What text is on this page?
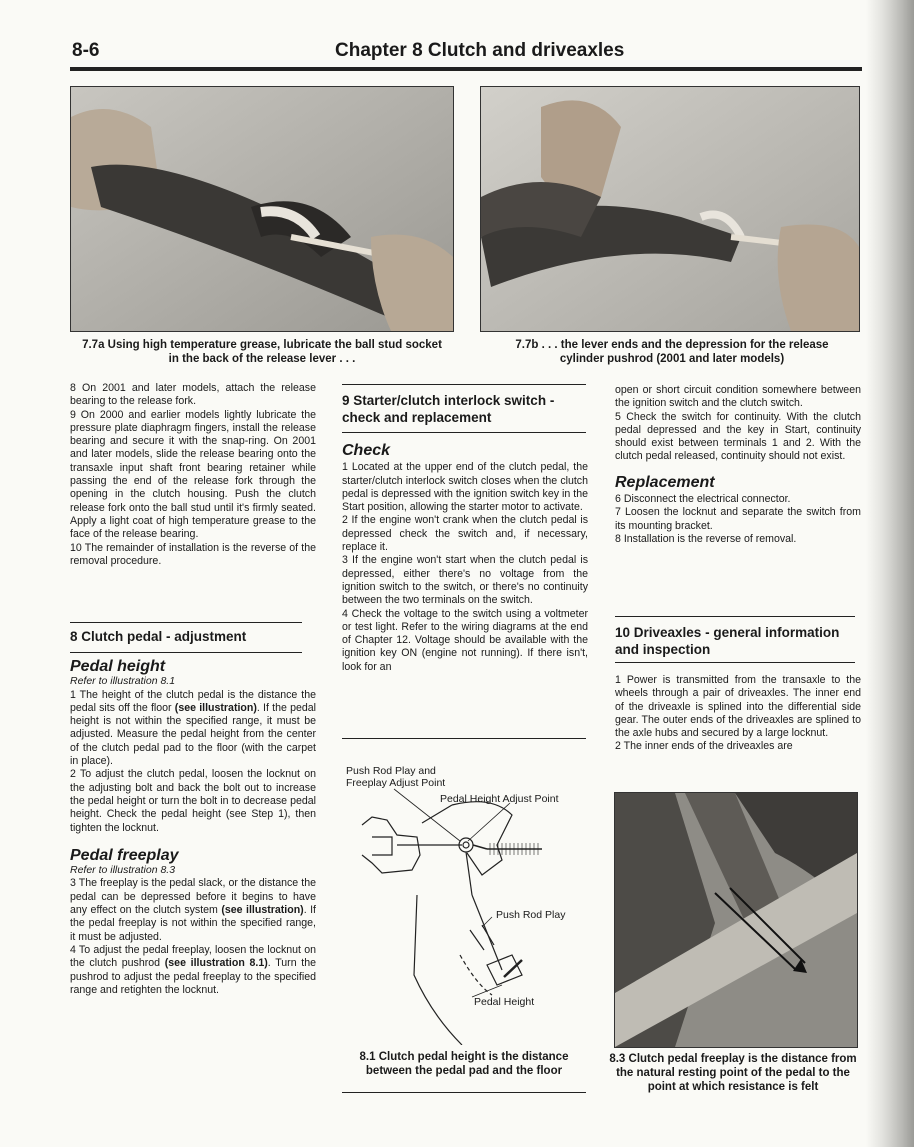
8-6	Chapter 8 Clutch and driveaxles
7.7a Using high temperature grease, lubricate the ball stud socket in the back of the release lever . . .
7.7b . . . the lever ends and the depression for the release cylinder pushrod (2001 and later models)

8 On 2001 and later models, attach the release bearing to the release fork.

9 On 2000 and earlier models lightly lubricate the pressure plate diaphragm fingers, install the release bearing and secure it with the snap-ring. On 2001 and later models, slide the release bearing onto the transaxle input shaft front bearing retainer while passing the end of the release fork through the opening in the clutch housing. Push the clutch release fork onto the ball stud until it's firmly seated. Apply a light coat of high temperature grease to the face of the release bearing.

10 The remainder of installation is the reverse of the removal procedure.

8 Clutch pedal - adjustment
Pedal height
Refer to illustration 8.1

1 The height of the clutch pedal is the distance the pedal sits off the floor (see illustration). If the pedal height is not within the specified range, it must be adjusted. Measure the pedal height from the center of the clutch pedal pad to the floor (with the carpet in place).

2 To adjust the clutch pedal, loosen the locknut on the adjusting bolt and back the bolt out to increase the pedal height or turn the bolt in to decrease pedal height. Check the pedal height (see Step 1), then tighten the locknut.

Pedal freeplay
Refer to illustration 8.3

3 The freeplay is the pedal slack, or the distance the pedal can be depressed before it begins to have any effect on the clutch system (see illustration). If the pedal freeplay is not within the specified range, it must be adjusted.

4 To adjust the pedal freeplay, loosen the locknut on the clutch pushrod (see illustration 8.1). Turn the pushrod to adjust the pedal freeplay to the specified range and retighten the locknut.

9 Starter/clutch interlock switch - check and replacement
Check

1 Located at the upper end of the clutch pedal, the starter/clutch interlock switch closes when the clutch pedal is depressed with the ignition switch key in the Start position, allowing the starter motor to activate.

2 If the engine won't crank when the clutch pedal is depressed check the switch and, if necessary, replace it.

3 If the engine won't start when the clutch pedal is depressed, either there's no voltage from the ignition switch to the switch, or there's no continuity between the two terminals on the switch.

4 Check the voltage to the switch using a voltmeter or test light. Refer to the wiring diagrams at the end of Chapter 12. Voltage should be available with the ignition key ON (engine not running). If there isn't, look for an

Push Rod Play and Freeplay Adjust Point
Pedal Height Adjust Point
Push Rod Play
Pedal Height
8.1 Clutch pedal height is the distance between the pedal pad and the floor

open or short circuit condition somewhere between the ignition switch and the clutch switch.

5 Check the switch for continuity. With the clutch pedal depressed and the key in Start, continuity should exist between terminals 1 and 2. With the clutch pedal released, continuity should not exist.

Replacement

6 Disconnect the electrical connector.

7 Loosen the locknut and separate the switch from its mounting bracket.

8 Installation is the reverse of removal.

10 Driveaxles - general information and inspection

1 Power is transmitted from the transaxle to the wheels through a pair of driveaxles. The inner end of the driveaxle is splined into the differential side gear. The outer ends of the driveaxles are splined to the axle hubs and secured by a large locknut.

2 The inner ends of the driveaxles are

8.3 Clutch pedal freeplay is the distance from the natural resting point of the pedal to the point at which resistance is felt
